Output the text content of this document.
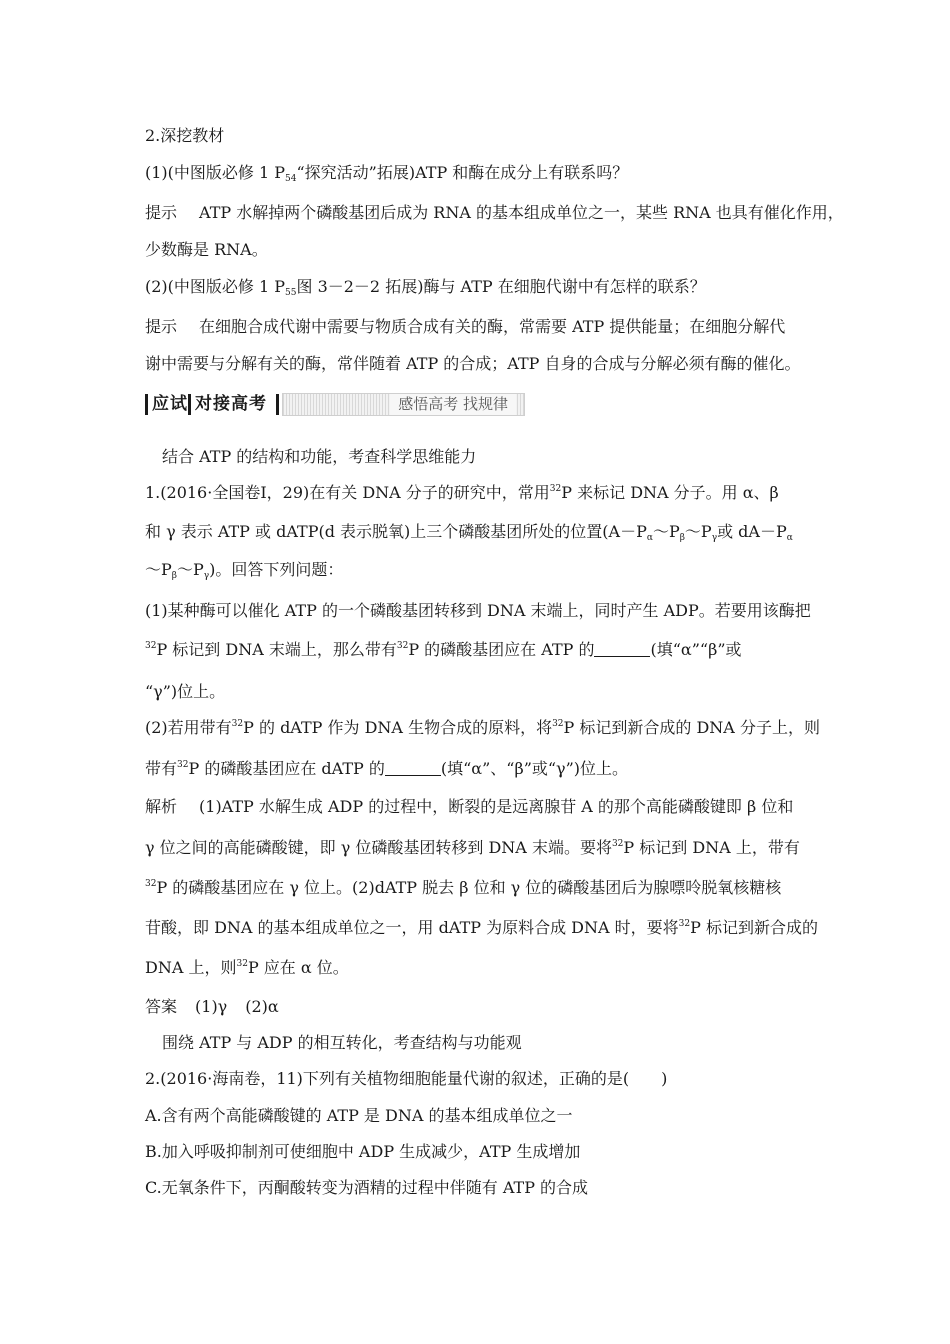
2.深挖教材
(1)(中图版必修 1 $P_{54}“$探究活动”拓展)ATP 和酶在成分上有联系吗？
提示 ATP 水解掉两个磷酸基团后成为 RNA 的基本组成单位之一，某些 RNA 也具有催化作用，
少数酶是 RNA。
(2)(中图版必修 1 $P_{55}$图 3－2－2 拓展)酶与 ATP 在细胞代谢中有怎样的联系？
提示 在细胞合成代谢中需要与物质合成有关的酶，常需要 ATP 提供能量；在细胞分解代
谢中需要与分解有关的酶，常伴随着 ATP 的合成；ATP 自身的合成与分解必须有酶的催化。
应试 对接高考	感悟高考 找规律
结合 ATP 的结构和功能，考查科学思维能力
1.(2016·全国卷Ⅰ，29)在有关 DNA 分子的研究中，常用$^{32}$P 来标记 DNA 分子。用 α、β
和 γ 表示 ATP 或 dATP(d 表示脱氧)上三个磷酸基团所处的位置($A-P_\alpha\sim P_\beta\sim P_\gamma$或 $dA-P_\alpha$
$\sim P_\beta\sim P_\gamma$)。回答下列问题：
(1)某种酶可以催化 ATP 的一个磷酸基团转移到 DNA 末端上，同时产生 ADP。若要用该酶把
$^{32}$P 标记到 DNA 末端上，那么带有$^{32}$P 的磷酸基团应在 ATP 的	(填“α”“β”或
“γ”)位上。
(2)若用带有$^{32}$P 的 dATP 作为 DNA 生物合成的原料，将$^{32}$P 标记到新合成的 DNA 分子上，则
带有$^{32}$P 的磷酸基团应在 dATP 的	(填“α”、“β”或“γ”)位上。
解析 (1)ATP 水解生成 ADP 的过程中，断裂的是远离腺苷 A 的那个高能磷酸键即 β 位和
γ 位之间的高能磷酸键，即 γ 位磷酸基团转移到 DNA 末端。要将$^{32}$P 标记到 DNA 上，带有
$^{32}$P 的磷酸基团应在 γ 位上。(2)dATP 脱去 β 位和 γ 位的磷酸基团后为腺嘌呤脱氧核糖核
苷酸，即 DNA 的基本组成单位之一，用 dATP 为原料合成 DNA 时，要将$^{32}$P 标记到新合成的
DNA 上，则$^{32}$P 应在 α 位。
答案 (1)γ (2)α
围绕 ATP 与 ADP 的相互转化，考查结构与功能观
2.(2016·海南卷，11)下列有关植物细胞能量代谢的叙述，正确的是(　　)
A.含有两个高能磷酸键的 ATP 是 DNA 的基本组成单位之一
B.加入呼吸抑制剂可使细胞中 ADP 生成减少，ATP 生成增加
C.无氧条件下，丙酮酸转变为酒精的过程中伴随有 ATP 的合成
